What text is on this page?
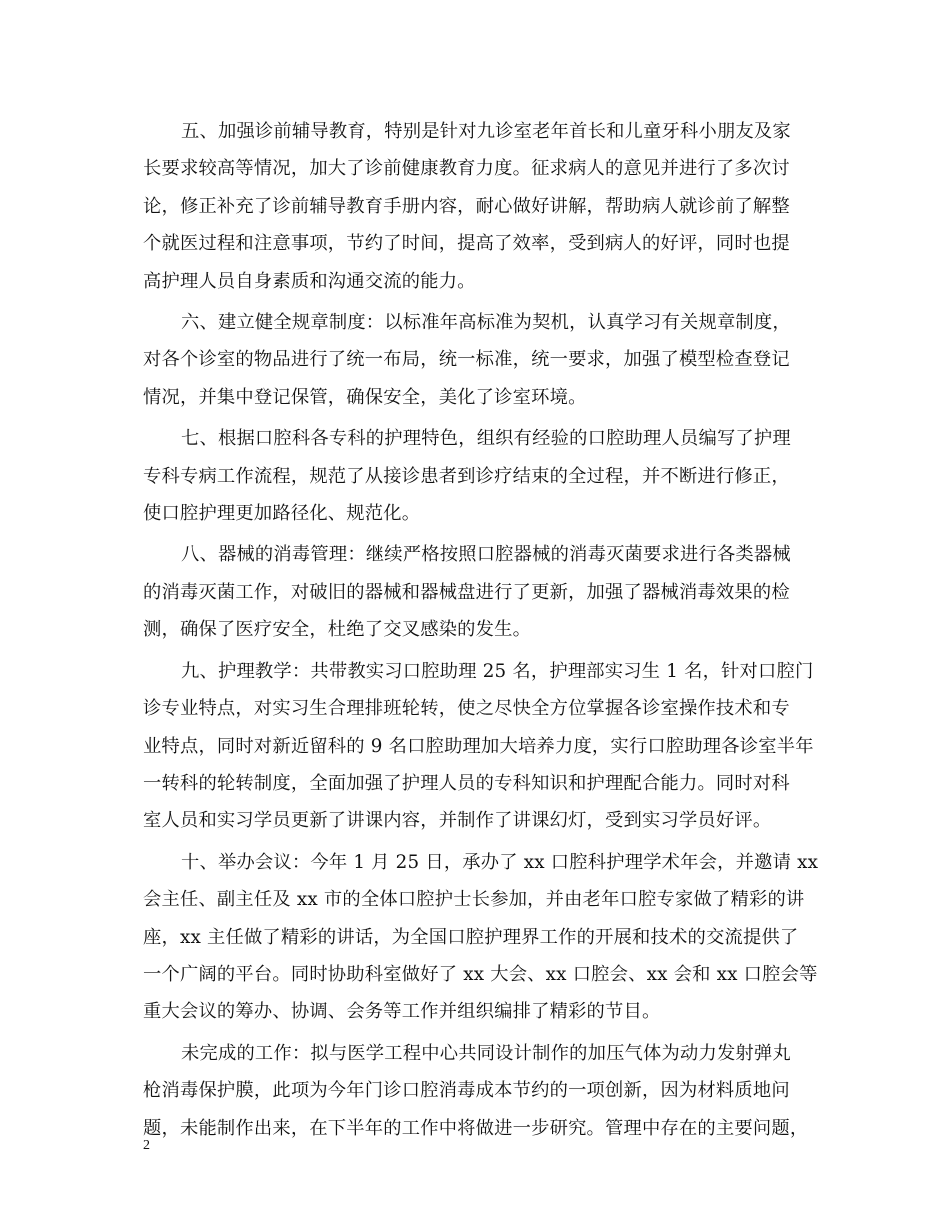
五、加强诊前辅导教育，特别是针对九诊室老年首长和儿童牙科小朋友及家
长要求较高等情况，加大了诊前健康教育力度。征求病人的意见并进行了多次讨
论，修正补充了诊前辅导教育手册内容，耐心做好讲解，帮助病人就诊前了解整
个就医过程和注意事项，节约了时间，提高了效率，受到病人的好评，同时也提
高护理人员自身素质和沟通交流的能力。

六、建立健全规章制度：以标准年高标准为契机，认真学习有关规章制度，
对各个诊室的物品进行了统一布局，统一标准，统一要求，加强了模型检查登记
情况，并集中登记保管，确保安全，美化了诊室环境。

七、根据口腔科各专科的护理特色，组织有经验的口腔助理人员编写了护理
专科专病工作流程，规范了从接诊患者到诊疗结束的全过程，并不断进行修正，
使口腔护理更加路径化、规范化。

八、器械的消毒管理：继续严格按照口腔器械的消毒灭菌要求进行各类器械
的消毒灭菌工作，对破旧的器械和器械盘进行了更新，加强了器械消毒效果的检
测，确保了医疗安全，杜绝了交叉感染的发生。

九、护理教学：共带教实习口腔助理 25 名，护理部实习生 1 名，针对口腔门
诊专业特点，对实习生合理排班轮转，使之尽快全方位掌握各诊室操作技术和专
业特点，同时对新近留科的 9 名口腔助理加大培养力度，实行口腔助理各诊室半年
一转科的轮转制度，全面加强了护理人员的专科知识和护理配合能力。同时对科
室人员和实习学员更新了讲课内容，并制作了讲课幻灯，受到实习学员好评。

十、举办会议：今年 1 月 25 日，承办了 xx 口腔科护理学术年会，并邀请 xx
会主任、副主任及 xx 市的全体口腔护士长参加，并由老年口腔专家做了精彩的讲
座，xx 主任做了精彩的讲话，为全国口腔护理界工作的开展和技术的交流提供了
一个广阔的平台。同时协助科室做好了 xx 大会、xx 口腔会、xx 会和 xx 口腔会等
重大会议的筹办、协调、会务等工作并组织编排了精彩的节目。

未完成的工作：拟与医学工程中心共同设计制作的加压气体为动力发射弹丸
枪消毒保护膜，此项为今年门诊口腔消毒成本节约的一项创新，因为材料质地问
题，未能制作出来，在下半年的工作中将做进一步研究。管理中存在的主要问题，

2
